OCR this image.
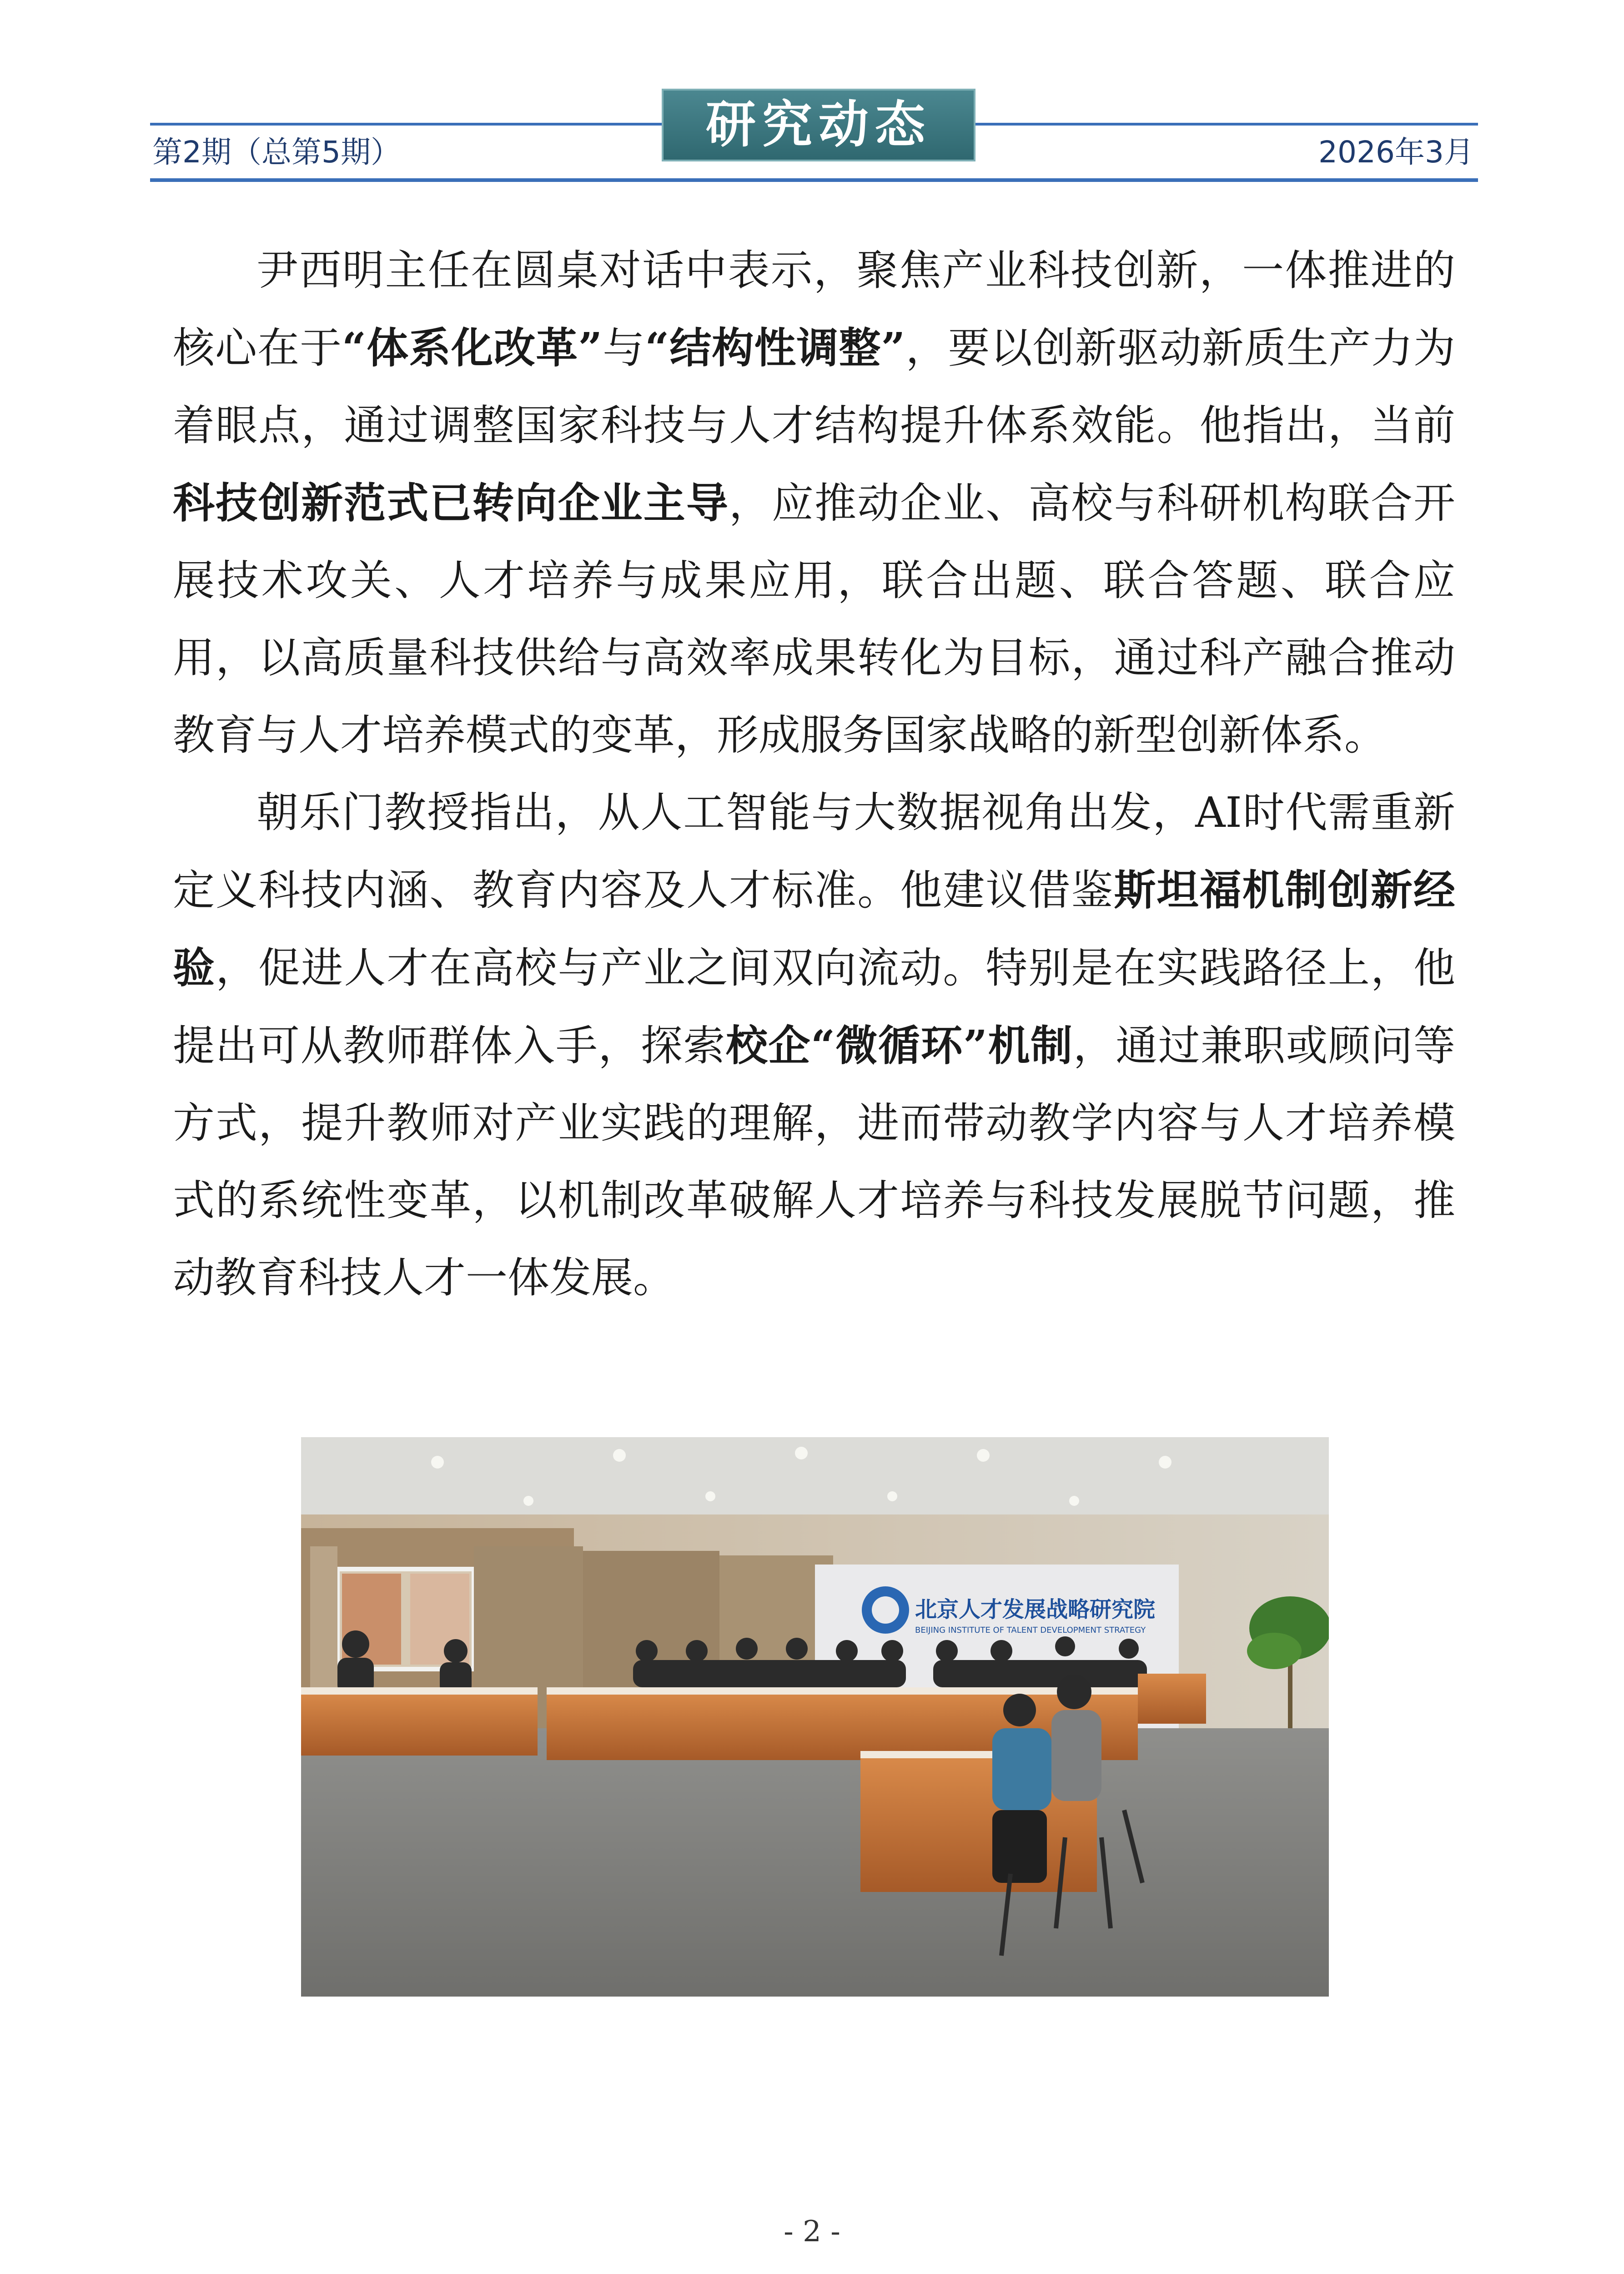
第2期（总第5期）	研究动态	2026年3月

尹西明主任在圆桌对话中表示，聚焦产业科技创新，一体推进的核心在于“体系化改革”与“结构性调整”，要以创新驱动新质生产力为着眼点，通过调整国家科技与人才结构提升体系效能。他指出，当前科技创新范式已转向企业主导，应推动企业、高校与科研机构联合开展技术攻关、人才培养与成果应用，联合出题、联合答题、联合应用，以高质量科技供给与高效率成果转化为目标，通过科产融合推动教育与人才培养模式的变革，形成服务国家战略的新型创新体系。

朝乐门教授指出，从人工智能与大数据视角出发，AI时代需重新定义科技内涵、教育内容及人才标准。他建议借鉴斯坦福机制创新经验，促进人才在高校与产业之间双向流动。特别是在实践路径上，他提出可从教师群体入手，探索校企“微循环”机制，通过兼职或顾问等方式，提升教师对产业实践的理解，进而带动教学内容与人才培养模式的系统性变革，以机制改革破解人才培养与科技发展脱节问题，推动教育科技人才一体发展。

北京人才发展战略研究院
BEIJING INSTITUTE OF TALENT DEVELOPMENT STRATEGY
- 2 -
